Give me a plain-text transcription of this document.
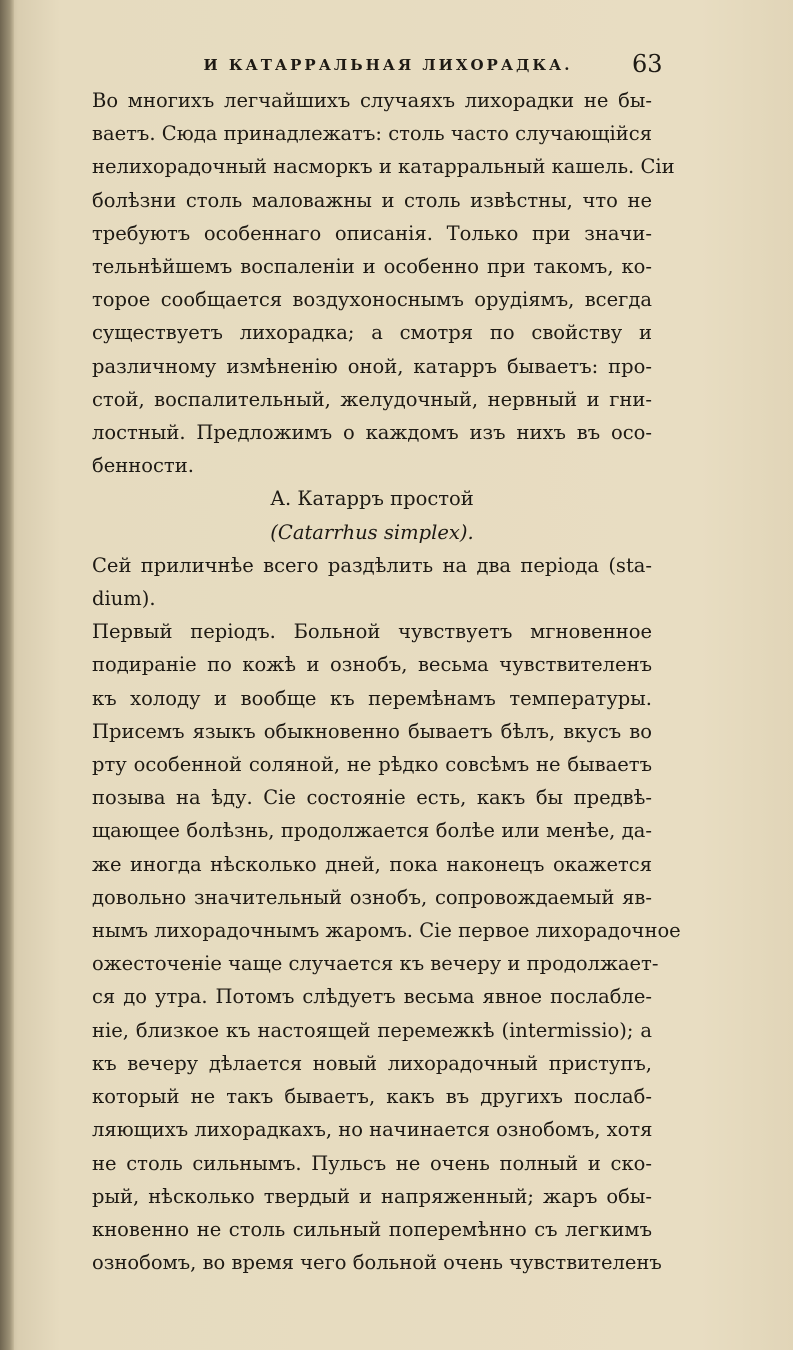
И КАТАРРАЛЬНАЯ ЛИХОРАДКА.	63
Во многихъ легчайшихъ случаяхъ лихорадки не бы-
ваетъ. Сюда принадлежатъ: столь часто случающійся
нелихорадочный насморкъ и катарральный кашель. Сіи
болѣзни столь маловажны и столь извѣстны, что не
требуютъ особеннаго описанія. Только при значи-
тельнѣйшемъ воспаленіи и особенно при такомъ, ко-
торое сообщается воздухоноснымъ орудіямъ, всегда
существуетъ лихорадка; а смотря по свойству и
различному измѣненію оной, катарръ бываетъ: про-
стой, воспалительный, желудочный, нервный и гни-
лостный. Предложимъ о каждомъ изъ нихъ въ осо-
бенности.
А. Катарръ простой
(Catarrhus simplex).
Сей приличнѣе всего раздѣлить на два періода (sta-
dium).
Первый періодъ. Больной чувствуетъ мгновенное
подираніе по кожѣ и ознобъ, весьма чувствителенъ
къ холоду и вообще къ перемѣнамъ температуры.
Присемъ языкъ обыкновенно бываетъ бѣлъ, вкусъ во
рту особенной соляной, не рѣдко совсѣмъ не бываетъ
позыва на ѣду. Сіе состояніе есть, какъ бы предвѣ-
щающее болѣзнь, продолжается болѣе или менѣе, да-
же иногда нѣсколько дней, пока наконецъ окажется
довольно значительный ознобъ, сопровождаемый яв-
нымъ лихорадочнымъ жаромъ. Сіе первое лихорадочное
ожесточеніе чаще случается къ вечеру и продолжает-
ся до утра. Потомъ слѣдуетъ весьма явное послабле-
ніе, близкое къ настоящей перемежкѣ (intermissio); а
къ вечеру дѣлается новый лихорадочный приступъ,
который не такъ бываетъ, какъ въ другихъ послаб-
ляющихъ лихорадкахъ, но начинается ознобомъ, хотя
не столь сильнымъ. Пульсъ не очень полный и ско-
рый, нѣсколько твердый и напряженный; жаръ обы-
кновенно не столь сильный поперемѣнно съ легкимъ
ознобомъ, во время чего больной очень чувствителенъ
